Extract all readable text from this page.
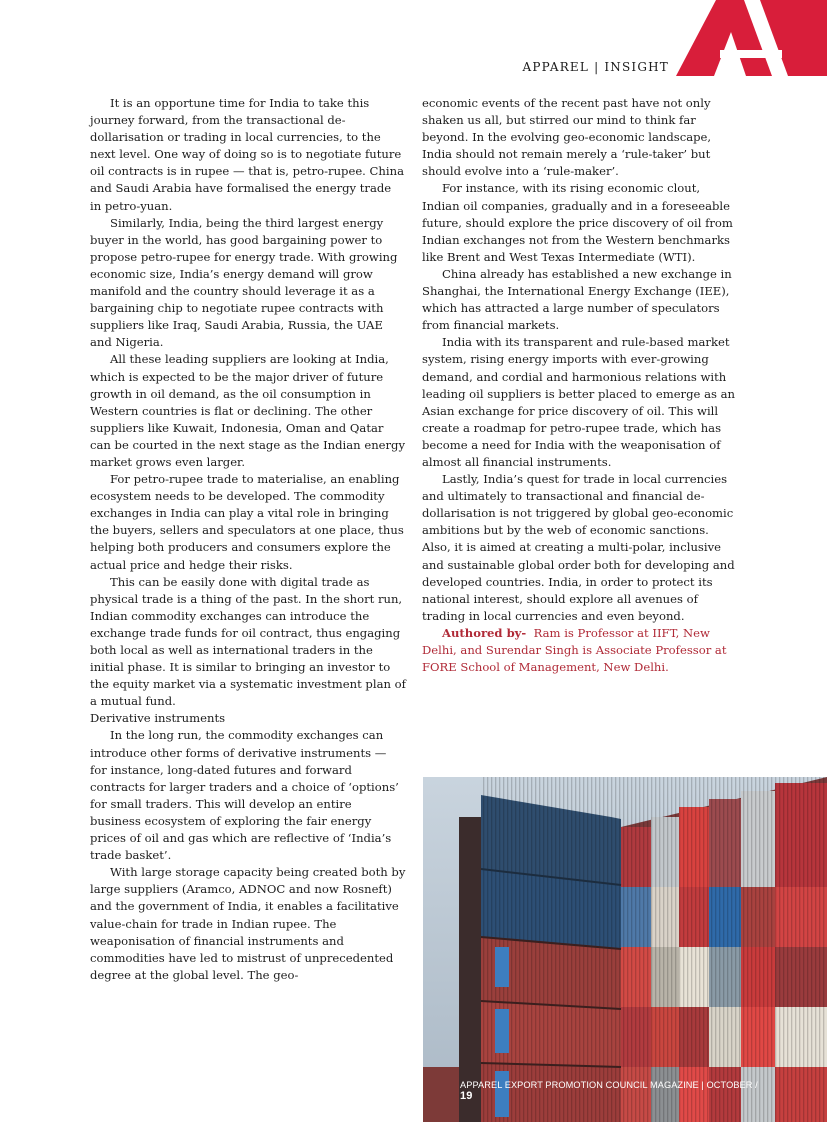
APPAREL | INSIGHT

It is an opportune time for India to take this journey forward, from the transactional de-dollarisation or trading in local currencies, to the next level. One way of doing so is to negotiate future oil contracts is in rupee — that is, petro-rupee. China and Saudi Arabia have formalised the energy trade in petro-yuan.

Similarly, India, being the third largest energy buyer in the world, has good bargaining power to propose petro-rupee for energy trade. With growing economic size, India’s energy demand will grow manifold and the country should leverage it as a bargaining chip to negotiate rupee contracts with suppliers like Iraq, Saudi Arabia, Russia, the UAE and Nigeria.

All these leading suppliers are looking at India, which is expected to be the major driver of future growth in oil demand, as the oil consumption in Western countries is flat or declining. The other suppliers like Kuwait, Indonesia, Oman and Qatar can be courted in the next stage as the Indian energy market grows even larger.

For petro-rupee trade to materialise, an enabling ecosystem needs to be developed. The commodity exchanges in India can play a vital role in bringing the buyers, sellers and speculators at one place, thus helping both producers and consumers explore the actual price and hedge their risks.

This can be easily done with digital trade as physical trade is a thing of the past. In the short run, Indian commodity exchanges can introduce the exchange trade funds for oil contract, thus engaging both local as well as international traders in the initial phase. It is similar to bringing an investor to the equity market via a systematic investment plan of a mutual fund.

Derivative instruments

In the long run, the commodity exchanges can introduce other forms of derivative instruments — for instance, long-dated futures and forward contracts for larger traders and a choice of ‘options’ for small traders. This will develop an entire business ecosystem of exploring the fair energy prices of oil and gas which are reflective of ‘India’s trade basket’.

With large storage capacity being created both by large suppliers (Aramco, ADNOC and now Rosneft) and the government of India, it enables a facilitative value-chain for trade in Indian rupee. The weaponisation of financial instruments and commodities have led to mistrust of unprecedented degree at the global level. The geo-

economic events of the recent past have not only shaken us all, but stirred our mind to think far beyond. In the evolving geo-economic landscape, India should not remain merely a ‘rule-taker’ but should evolve into a ‘rule-maker’.

For instance, with its rising economic clout, Indian oil companies, gradually and in a foreseeable future, should explore the price discovery of oil from Indian exchanges not from the Western benchmarks like Brent and West Texas Intermediate (WTI).

China already has established a new exchange in Shanghai, the International Energy Exchange (IEE), which has attracted a large number of speculators from financial markets.

India with its transparent and rule-based market system, rising energy imports with ever-growing demand, and cordial and harmonious relations with leading oil suppliers is better placed to emerge as an Asian exchange for price discovery of oil. This will create a roadmap for petro-rupee trade, which has become a need for India with the weaponisation of almost all financial instruments.

Lastly, India’s quest for trade in local currencies and ultimately to transactional and financial de-dollarisation is not triggered by global geo-economic ambitions but by the web of economic sanctions. Also, it is aimed at creating a multi-polar, inclusive and sustainable global order both for developing and developed countries. India, in order to protect its national interest, should explore all avenues of trading in local currencies and even beyond.

Authored by- Ram is Professor at IIFT, New Delhi, and Surendar Singh is Associate Professor at FORE School of Management, New Delhi.

APPAREL EXPORT PROMOTION COUNCIL MAGAZINE | OCTOBER / 19
